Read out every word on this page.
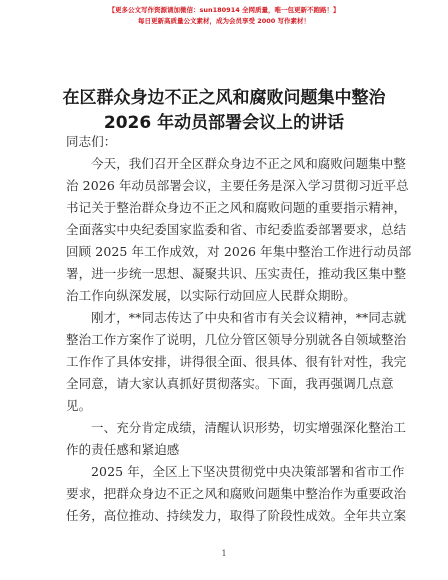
【更多公文写作资源请加微信：sun180914 全网质量，唯一包更新不跑路！】
每日更新高质量公文素材，成为会员享受 2000 写作素材！
在区群众身边不正之风和腐败问题集中整治
2026 年动员部署会议上的讲话
同志们：
今天，我们召开全区群众身边不正之风和腐败问题集中整
治 2026 年动员部署会议，主要任务是深入学习贯彻习近平总
书记关于整治群众身边不正之风和腐败问题的重要指示精神，
全面落实中央纪委国家监委和省、市纪委监委部署要求，总结
回顾 2025 年工作成效，对 2026 年集中整治工作进行动员部
署，进一步统一思想、凝聚共识、压实责任，推动我区集中整
治工作向纵深发展，以实际行动回应人民群众期盼。
刚才，**同志传达了中央和省市有关会议精神，**同志就
整治工作方案作了说明，几位分管区领导分别就各自领域整治
工作作了具体安排，讲得很全面、很具体、很有针对性，我完
全同意，请大家认真抓好贯彻落实。下面，我再强调几点意
见。
一、充分肯定成绩，清醒认识形势，切实增强深化整治工
作的责任感和紧迫感
2025 年，全区上下坚决贯彻党中央决策部署和省市工作
要求，把群众身边不正之风和腐败问题集中整治作为重要政治
任务，高位推动、持续发力，取得了阶段性成效。全年共立案
1
